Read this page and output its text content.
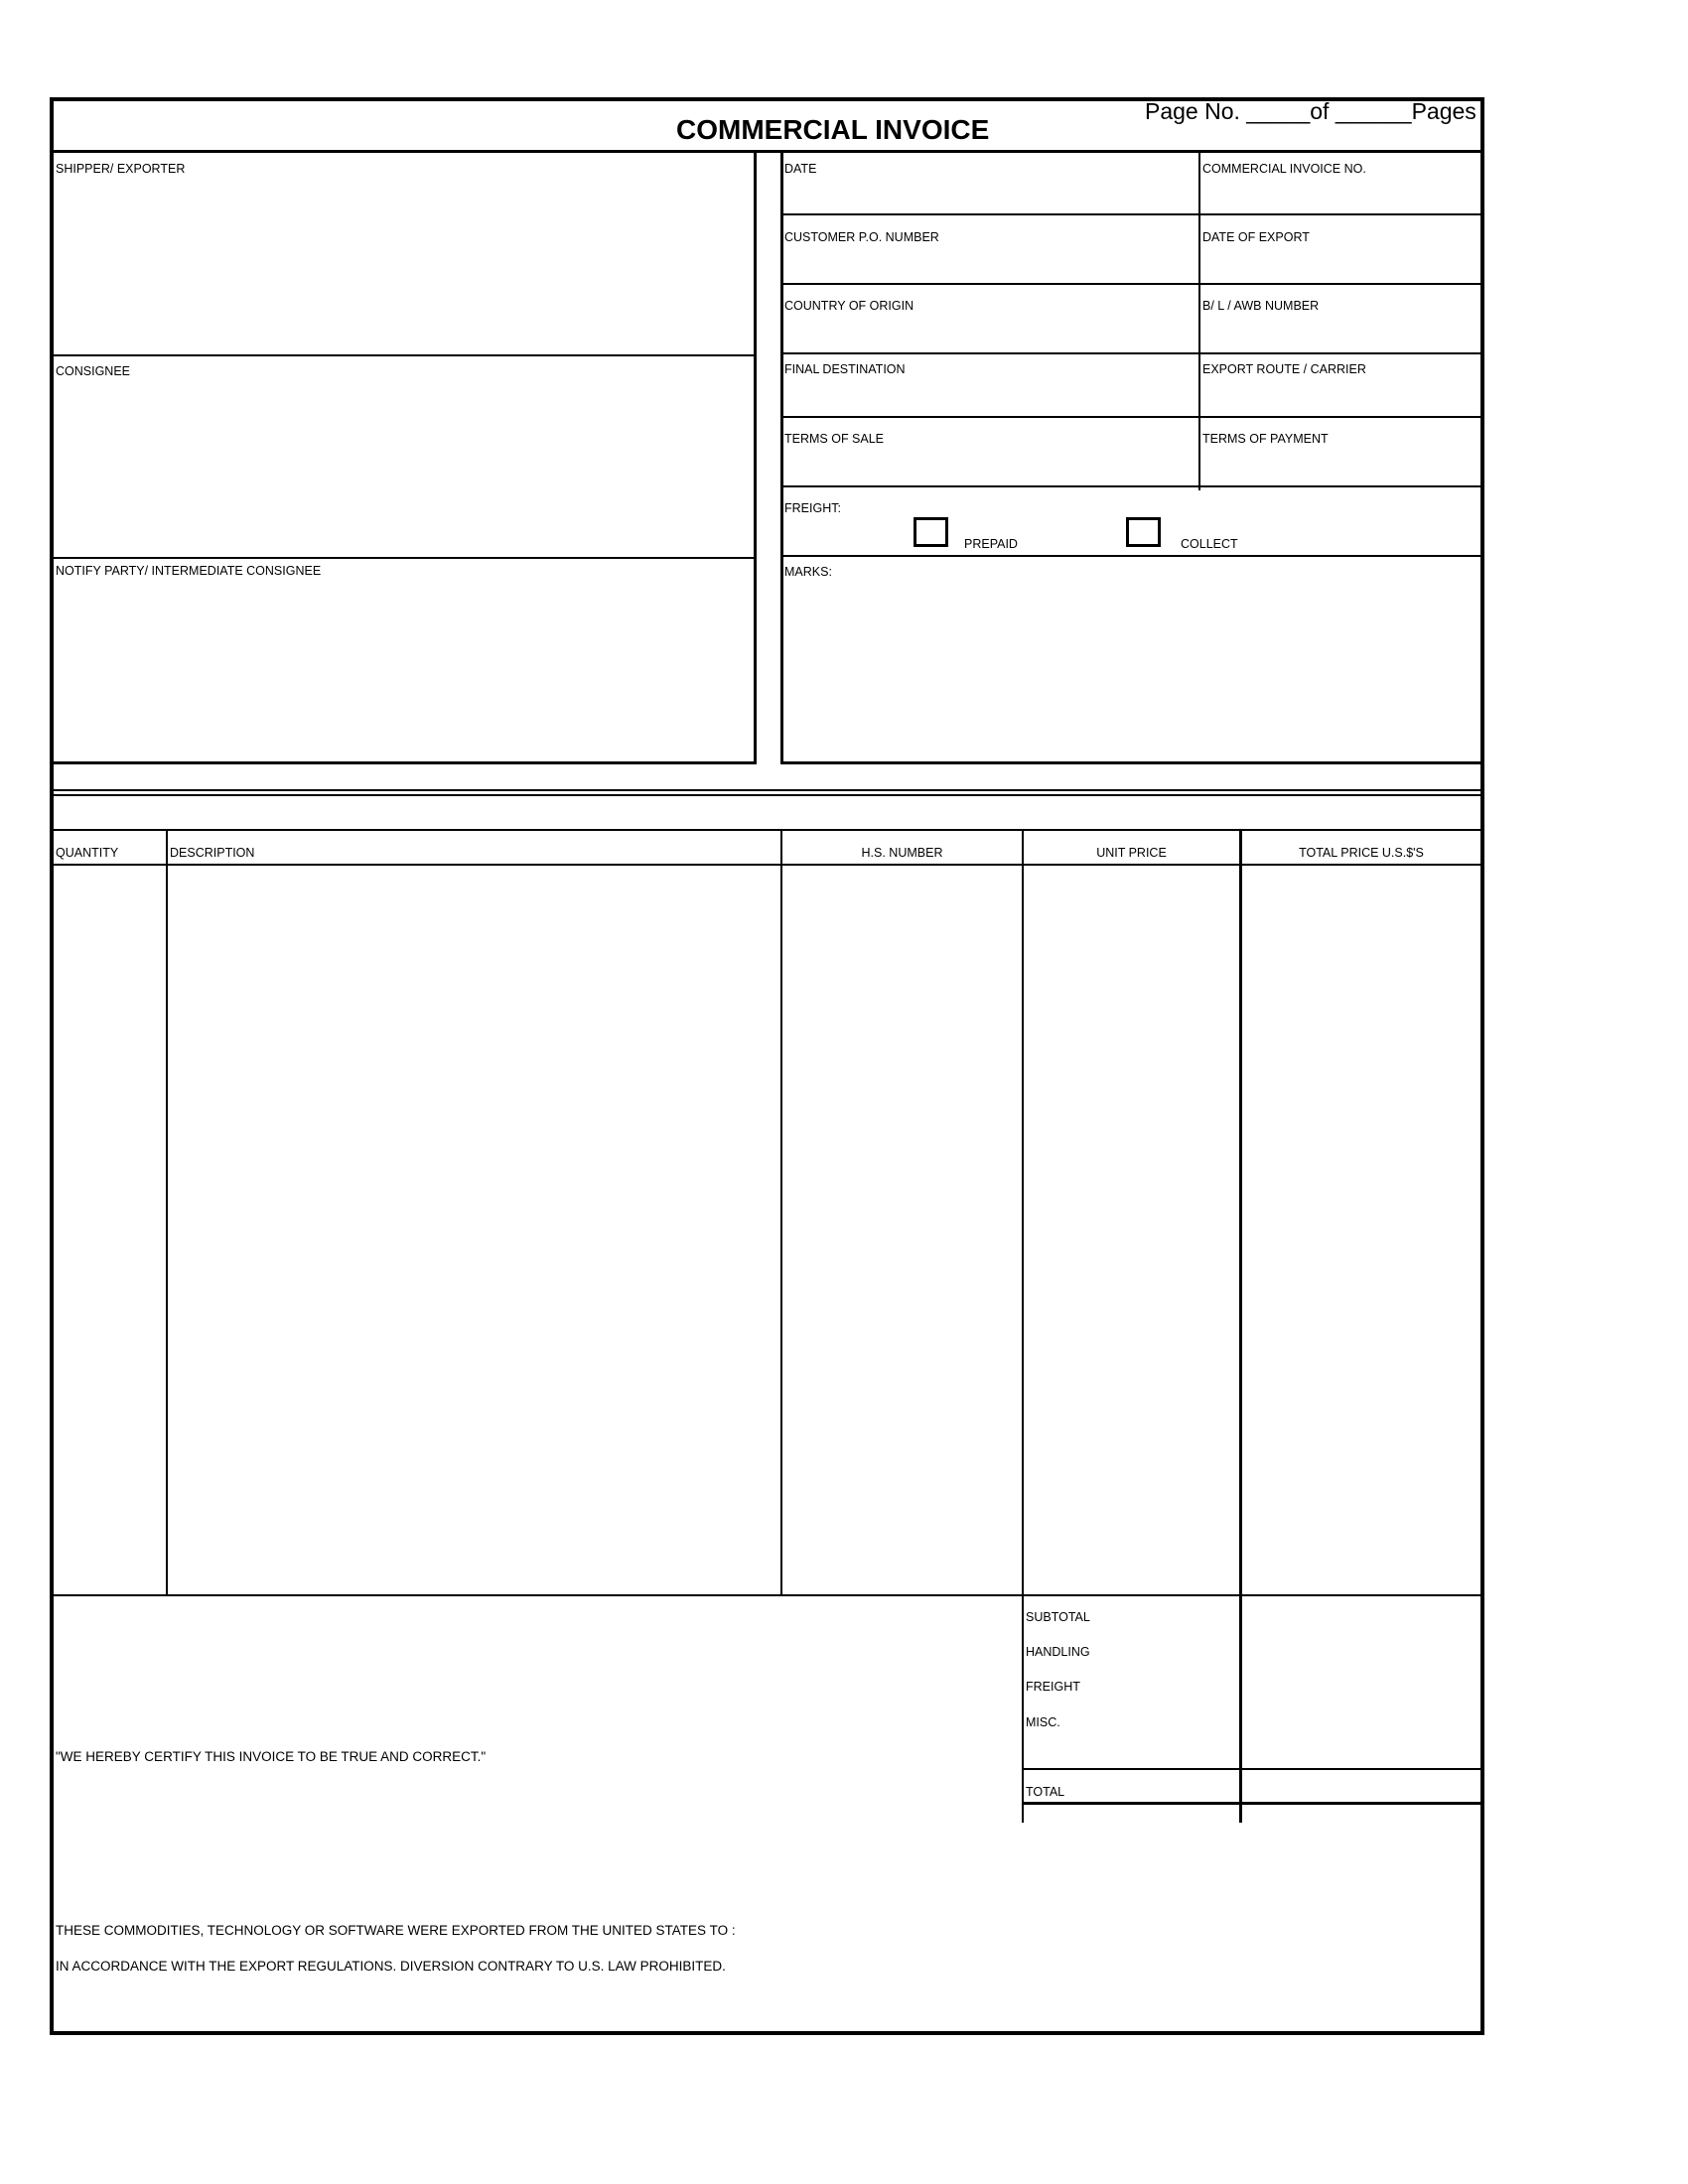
COMMERCIAL INVOICE
Page No. _____of ______Pages
SHIPPER/ EXPORTER
CONSIGNEE
NOTIFY PARTY/ INTERMEDIATE CONSIGNEE
DATE	COMMERCIAL INVOICE NO.
CUSTOMER P.O. NUMBER	DATE OF EXPORT
COUNTRY OF ORIGIN	B/ L / AWB NUMBER
FINAL DESTINATION	EXPORT ROUTE / CARRIER
TERMS OF SALE	TERMS OF PAYMENT
FREIGHT:
PREPAID	COLLECT
MARKS:
QUANTITY	DESCRIPTION	H.S. NUMBER	UNIT PRICE	TOTAL PRICE U.S.$'S
SUBTOTAL
HANDLING
FREIGHT
MISC.
TOTAL
"WE HEREBY CERTIFY THIS INVOICE TO BE TRUE AND CORRECT."
THESE COMMODITIES, TECHNOLOGY OR SOFTWARE WERE EXPORTED FROM THE UNITED STATES TO :
IN ACCORDANCE WITH THE EXPORT REGULATIONS. DIVERSION CONTRARY TO U.S. LAW PROHIBITED.
